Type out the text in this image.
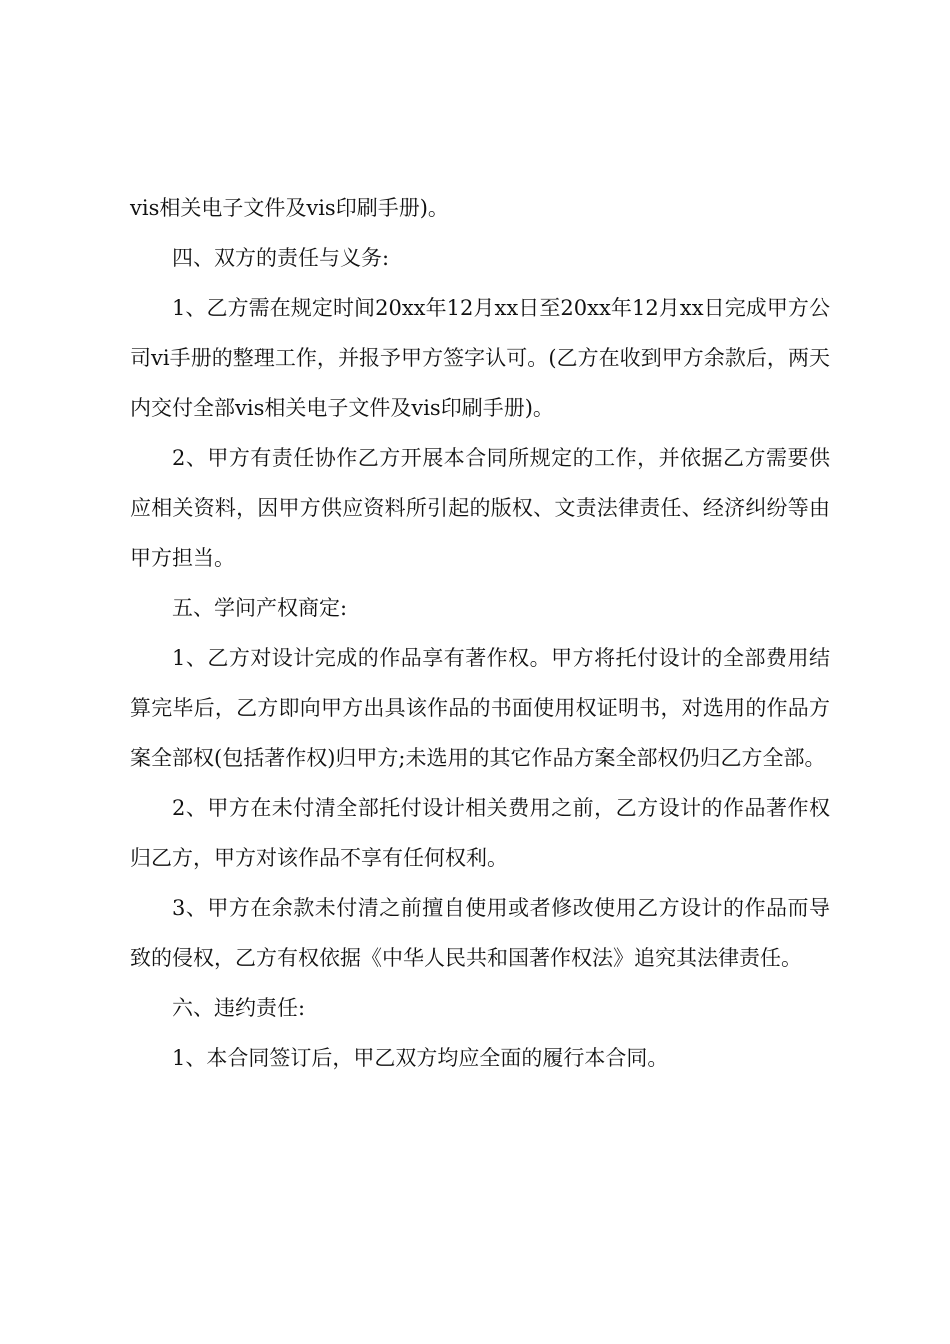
vis相关电子文件及vis印刷手册)。

四、双方的责任与义务:

1、乙方需在规定时间20xx年12月xx日至20xx年12月xx日完成甲方公司vi手册的整理工作，并报予甲方签字认可。(乙方在收到甲方余款后，两天内交付全部vis相关电子文件及vis印刷手册)。

2、甲方有责任协作乙方开展本合同所规定的工作，并依据乙方需要供应相关资料，因甲方供应资料所引起的版权、文责法律责任、经济纠纷等由甲方担当。

五、学问产权商定:

1、乙方对设计完成的作品享有著作权。甲方将托付设计的全部费用结算完毕后，乙方即向甲方出具该作品的书面使用权证明书，对选用的作品方案全部权(包括著作权)归甲方;未选用的其它作品方案全部权仍归乙方全部。

2、甲方在未付清全部托付设计相关费用之前，乙方设计的作品著作权归乙方，甲方对该作品不享有任何权利。

3、甲方在余款未付清之前擅自使用或者修改使用乙方设计的作品而导致的侵权，乙方有权依据《中华人民共和国著作权法》追究其法律责任。

六、违约责任:

1、本合同签订后，甲乙双方均应全面的履行本合同。
